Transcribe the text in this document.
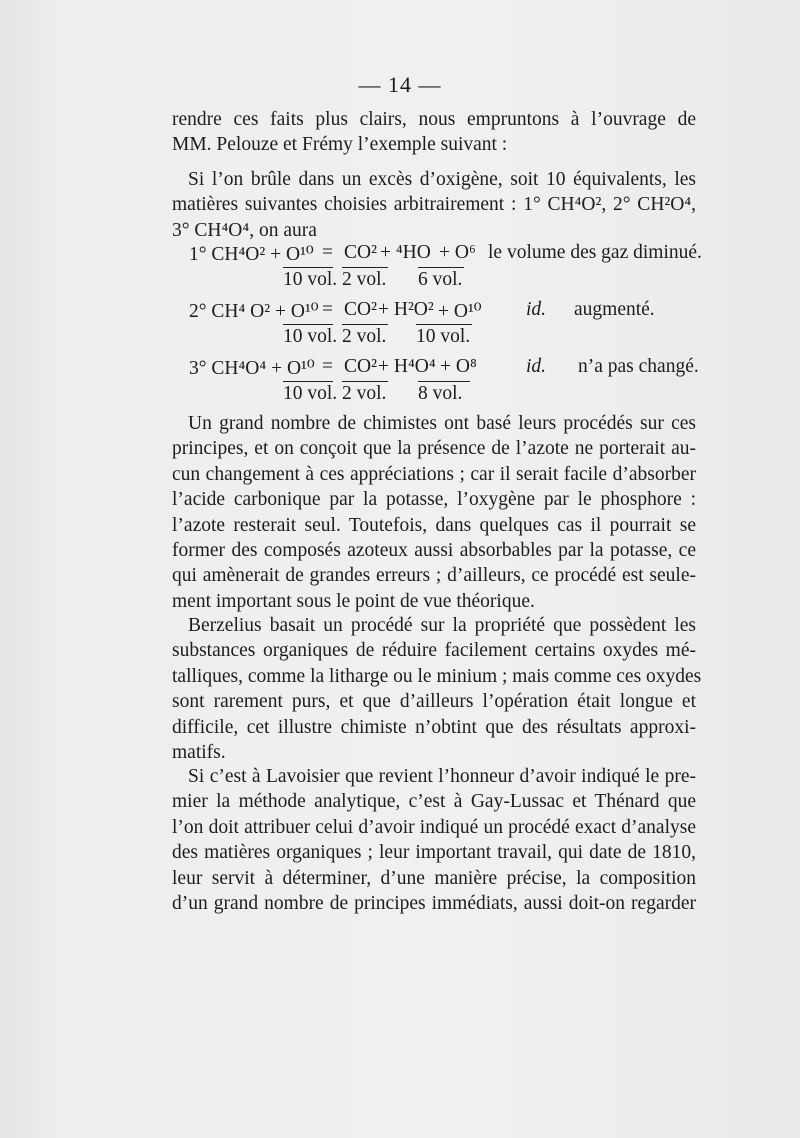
— 14 —
rendre ces faits plus clairs, nous empruntons à l’ouvrage de
MM. Pelouze et Frémy l’exemple suivant :
Si l’on brûle dans un excès d’oxigène, soit 10 équivalents, les
matières suivantes choisies arbitrairement : 1° CH⁴O², 2° CH²O⁴,
3° CH⁴O⁴, on aura
1° CH⁴O² + O¹⁰ = CO² + ⁴HO + O⁶ le volume des gaz diminué.
10 vol. 2 vol. 6 vol.
2° CH⁴ O² + O¹⁰ = CO² + H²O² + O¹⁰ id. augmenté.
10 vol. 2 vol. 10 vol.
3° CH⁴O⁴ + O¹⁰ = CO² + H⁴O⁴ + O⁸	id. n’a pas changé.
10 vol. 2 vol. 8 vol.
Un grand nombre de chimistes ont basé leurs procédés sur ces
principes, et on conçoit que la présence de l’azote ne porterait au-
cun changement à ces appréciations ; car il serait facile d’absorber
l’acide carbonique par la potasse, l’oxygène par le phosphore :
l’azote resterait seul. Toutefois, dans quelques cas il pourrait se
former des composés azoteux aussi absorbables par la potasse, ce
qui amènerait de grandes erreurs ; d’ailleurs, ce procédé est seule-
ment important sous le point de vue théorique.
Berzelius basait un procédé sur la propriété que possèdent les
substances organiques de réduire facilement certains oxydes mé-
talliques, comme la litharge ou le minium ; mais comme ces oxydes
sont rarement purs, et que d’ailleurs l’opération était longue et
difficile, cet illustre chimiste n’obtint que des résultats approxi-
matifs.
Si c’est à Lavoisier que revient l’honneur d’avoir indiqué le pre-
mier la méthode analytique, c’est à Gay-Lussac et Thénard que
l’on doit attribuer celui d’avoir indiqué un procédé exact d’analyse
des matières organiques ; leur important travail, qui date de 1810,
leur servit à déterminer, d’une manière précise, la composition
d’un grand nombre de principes immédiats, aussi doit-on regarder
